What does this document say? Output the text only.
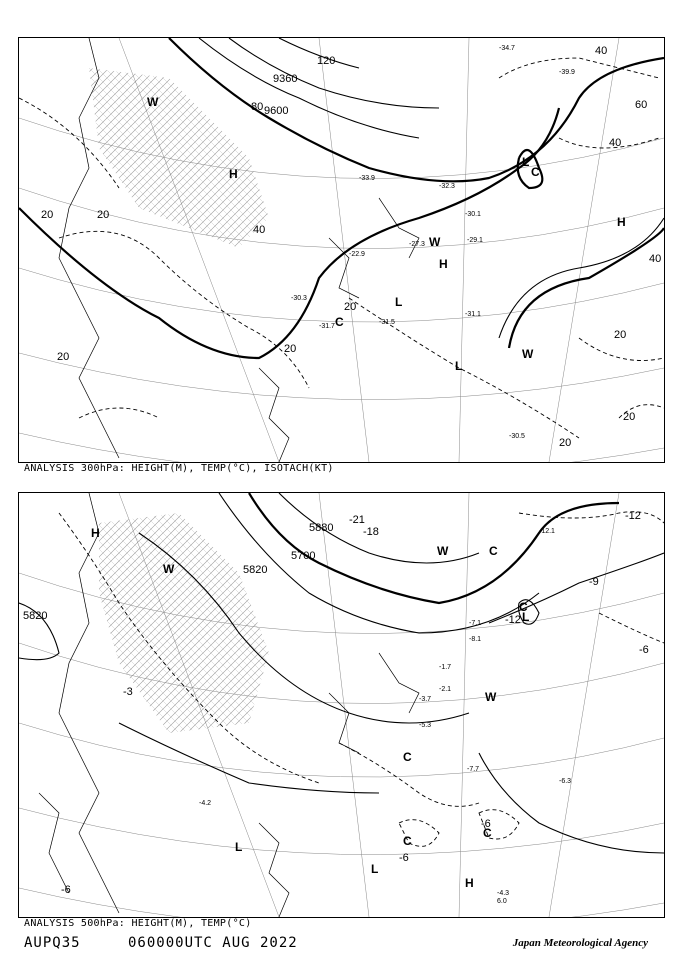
W
H
L
C
H
L
H
W
L
C
W
9360
9600
120
80
40
20	20
20
20
20
40
60
40
40
20
20
20
-34.7
-39.9
-32.3
-30.1
-29.1
-30.5
-31.5
-31.1
-31.7
-22.9
-27.3
-33.9
-30.3
ANALYSIS 300hPa: HEIGHT(M), TEMP(°C), ISOTACH(KT)
H
W
W	C
L
C
W
C
L	C
L
H
C
5820
5880
5700
5820
-21
-18
-12
-12
-9
-6
-6
-3
-6
-6
-4.3
6.0
-6.3
-7.7
-4.2
-2.1
-3.7
-1.7
-7.1
-8.1
-5.3
-12.1
ANALYSIS 500hPa: HEIGHT(M), TEMP(°C)
AUPQ35	060000UTC AUG 2022	Japan Meteorological Agency
